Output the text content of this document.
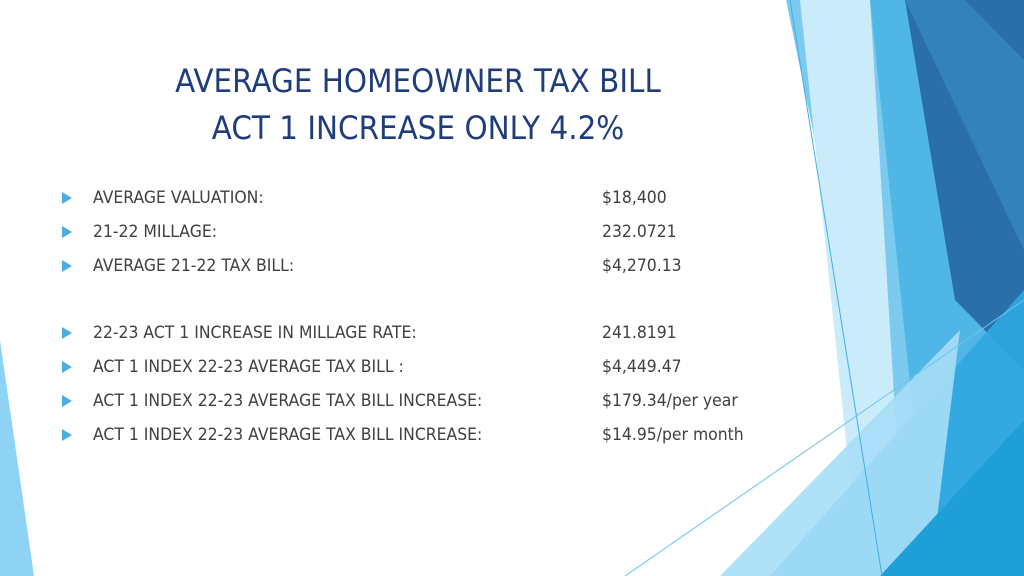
AVERAGE HOMEOWNER TAX BILL
ACT 1 INCREASE ONLY 4.2%
AVERAGE VALUATION:	$18,400
21-22 MILLAGE:	232.0721
AVERAGE 21-22 TAX BILL:	$4,270.13
22-23 ACT 1 INCREASE IN MILLAGE RATE:	241.8191
ACT 1 INDEX 22-23 AVERAGE TAX BILL :	$4,449.47
ACT 1 INDEX 22-23 AVERAGE TAX BILL INCREASE:	$179.34/per year
ACT 1 INDEX 22-23 AVERAGE TAX BILL INCREASE:	$14.95/per month
